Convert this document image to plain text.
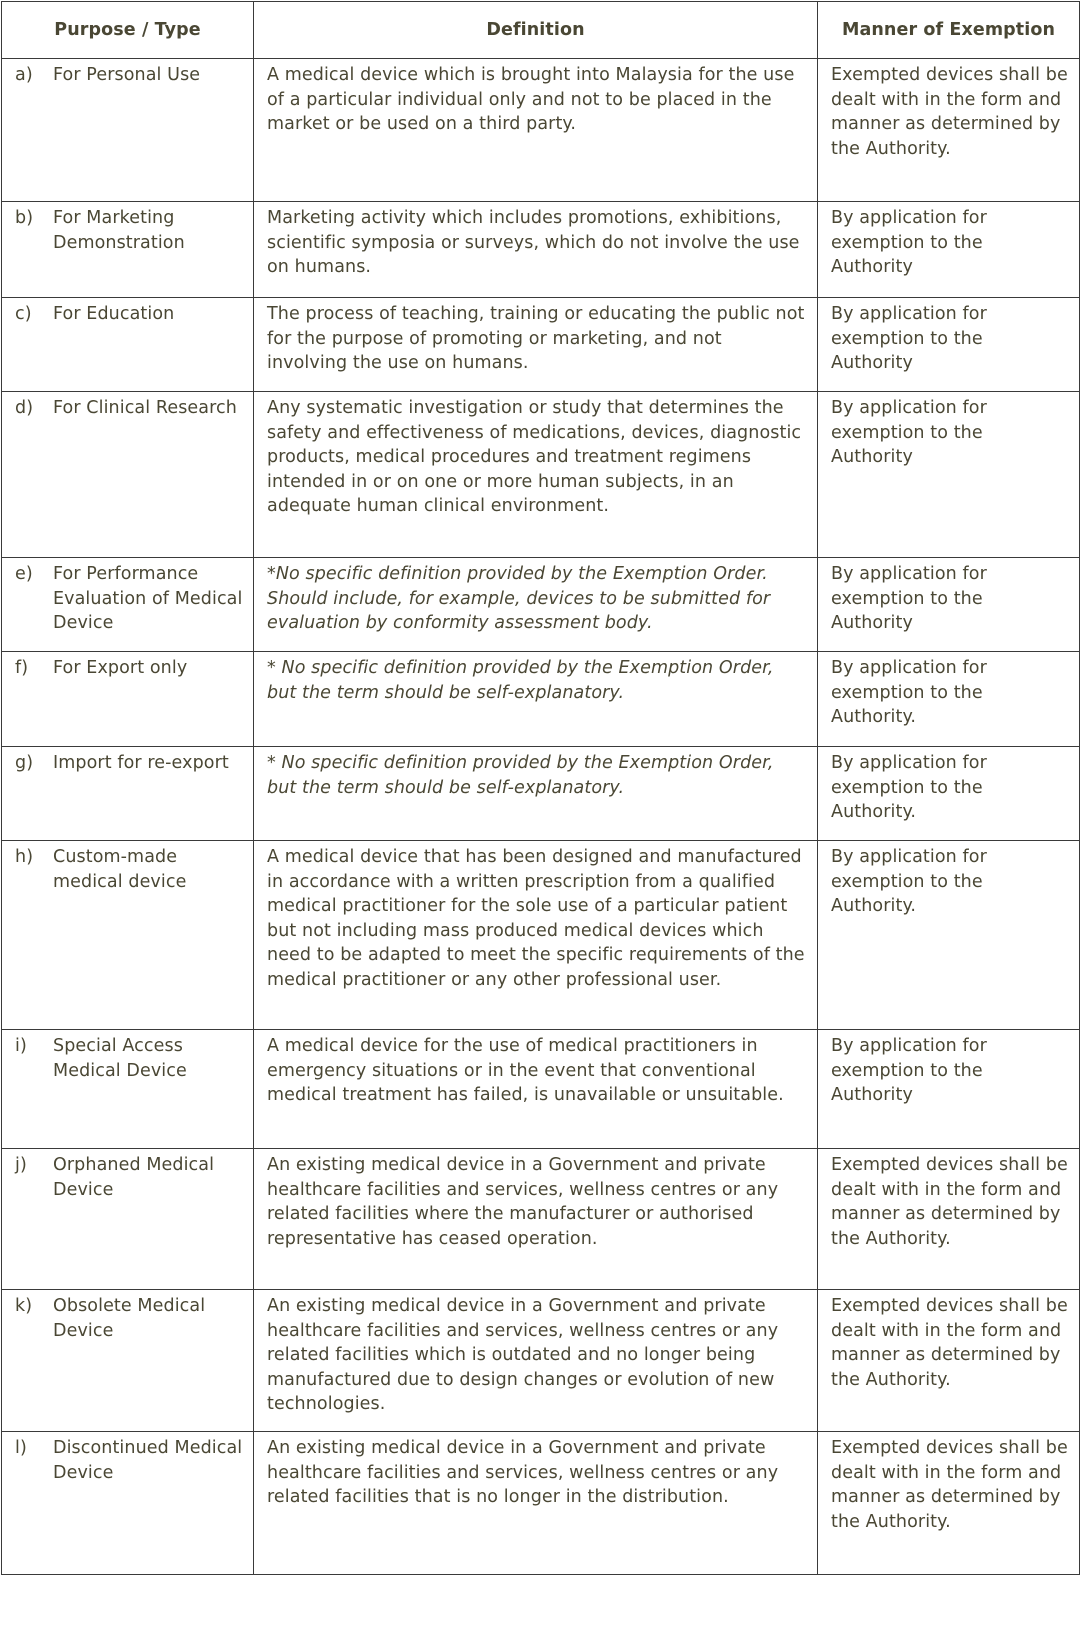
Purpose / Type	Definition	Manner of Exemption

a) For Personal Use	A medical device which is brought into Malaysia for the use of a particular individual only and not to be placed in the market or be used on a third party.	Exempted devices shall be dealt with in the form and manner as determined by the Authority.

b) For Marketing Demonstration	Marketing activity which includes promotions, exhibitions, scientific symposia or surveys, which do not involve the use on humans.	By application for exemption to the Authority

c) For Education	The process of teaching, training or educating the public not for the purpose of promoting or marketing, and not involving the use on humans.	By application for exemption to the Authority

d) For Clinical Research	Any systematic investigation or study that determines the safety and effectiveness of medications, devices, diagnostic products, medical procedures and treatment regimens intended in or on one or more human subjects, in an adequate human clinical environment.	By application for exemption to the Authority

e) For Performance Evaluation of Medical Device	*No specific definition provided by the Exemption Order. Should include, for example, devices to be submitted for evaluation by conformity assessment body.	By application for exemption to the Authority

f) For Export only	* No specific definition provided by the Exemption Order, but the term should be self-explanatory.	By application for exemption to the Authority.

g) Import for re-export	* No specific definition provided by the Exemption Order, but the term should be self-explanatory.	By application for exemption to the Authority.

h) Custom-made medical device	A medical device that has been designed and manufactured in accordance with a written prescription from a qualified medical practitioner for the sole use of a particular patient but not including mass produced medical devices which need to be adapted to meet the specific requirements of the medical practitioner or any other professional user.	By application for exemption to the Authority.

i) Special Access Medical Device	A medical device for the use of medical practitioners in emergency situations or in the event that conventional medical treatment has failed, is unavailable or unsuitable.	By application for exemption to the Authority

j) Orphaned Medical Device	An existing medical device in a Government and private healthcare facilities and services, wellness centres or any related facilities where the manufacturer or authorised representative has ceased operation.	Exempted devices shall be dealt with in the form and manner as determined by the Authority.

k) Obsolete Medical Device	An existing medical device in a Government and private healthcare facilities and services, wellness centres or any related facilities which is outdated and no longer being manufactured due to design changes or evolution of new technologies.	Exempted devices shall be dealt with in the form and manner as determined by the Authority.

l) Discontinued Medical Device	An existing medical device in a Government and private healthcare facilities and services, wellness centres or any related facilities that is no longer in the distribution.	Exempted devices shall be dealt with in the form and manner as determined by the Authority.
